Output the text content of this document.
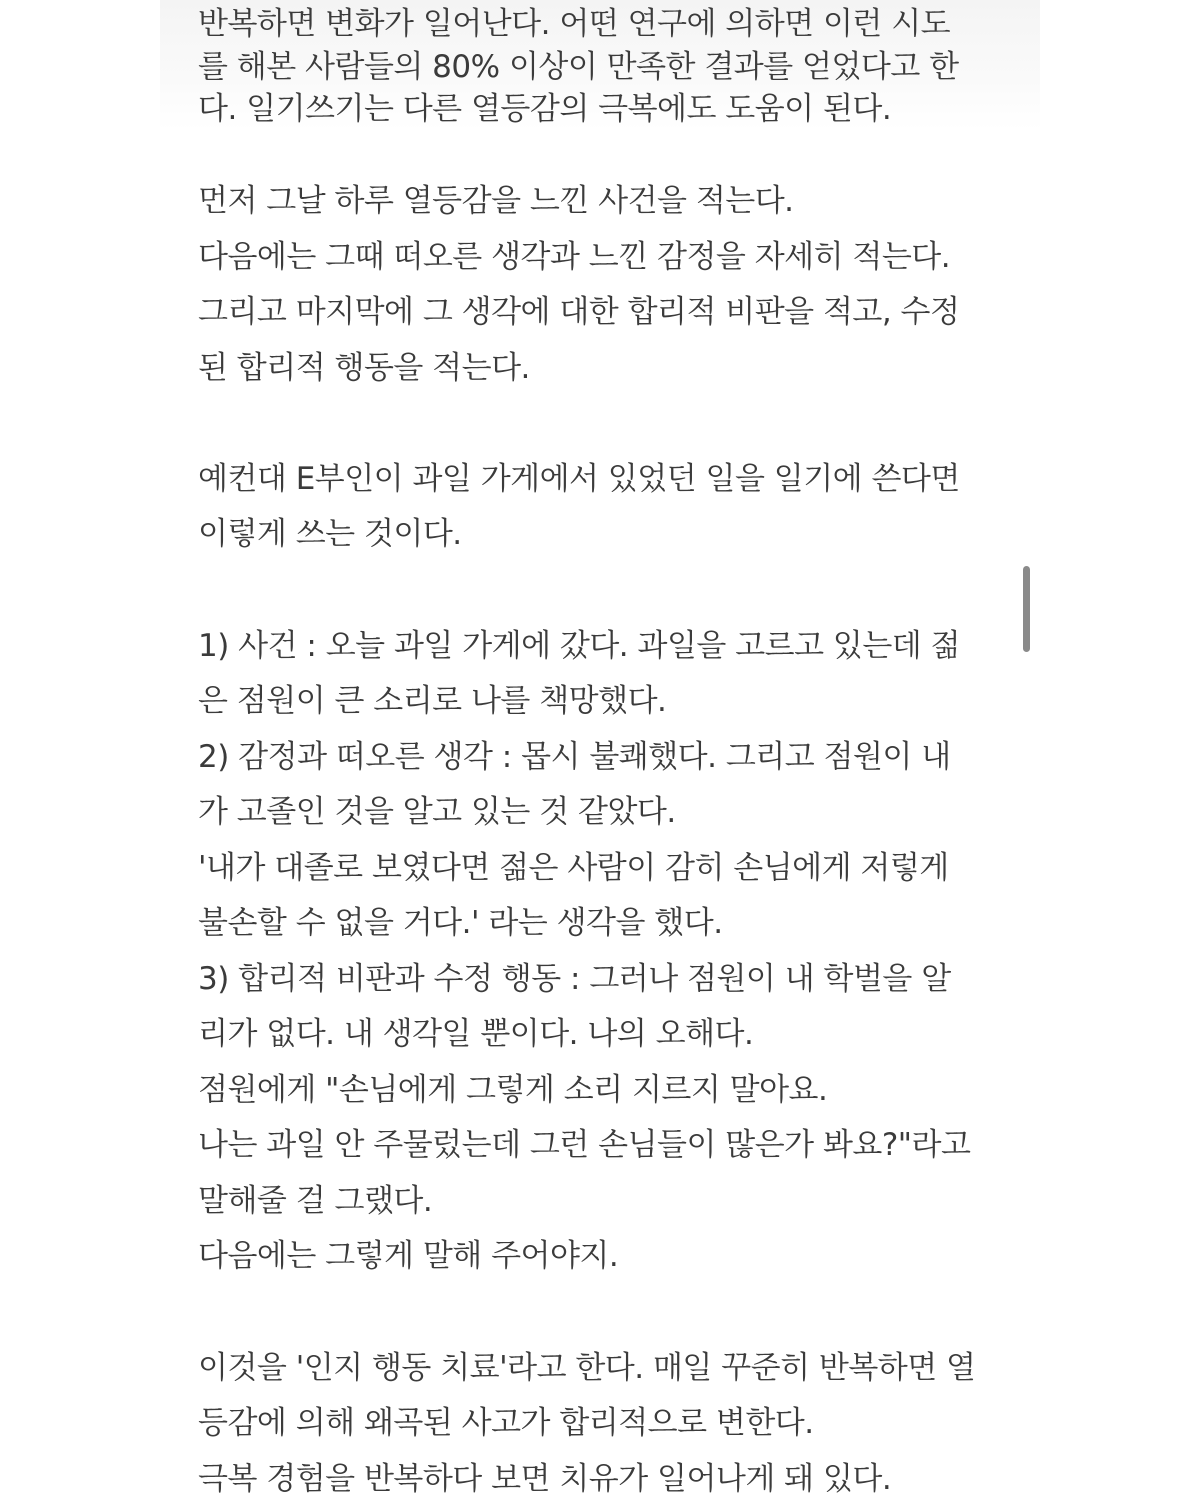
반복하면 변화가 일어난다. 어떤 연구에 의하면 이런 시도
를 해본 사람들의 80% 이상이 만족한 결과를 얻었다고 한
다. 일기쓰기는 다른 열등감의 극복에도 도움이 된다.
먼저 그날 하루 열등감을 느낀 사건을 적는다.
다음에는 그때 떠오른 생각과 느낀 감정을 자세히 적는다.
그리고 마지막에 그 생각에 대한 합리적 비판을 적고, 수정
된 합리적 행동을 적는다.
예컨대 E부인이 과일 가게에서 있었던 일을 일기에 쓴다면
이렇게 쓰는 것이다.
1) 사건 : 오늘 과일 가게에 갔다. 과일을 고르고 있는데 젊
은 점원이 큰 소리로 나를 책망했다.
2) 감정과 떠오른 생각 : 몹시 불쾌했다. 그리고 점원이 내
가 고졸인 것을 알고 있는 것 같았다.
'내가 대졸로 보였다면 젊은 사람이 감히 손님에게 저렇게
불손할 수 없을 거다.' 라는 생각을 했다.
3) 합리적 비판과 수정 행동 : 그러나 점원이 내 학벌을 알
리가 없다. 내 생각일 뿐이다. 나의 오해다.
점원에게 "손님에게 그렇게 소리 지르지 말아요.
나는 과일 안 주물렀는데 그런 손님들이 많은가 봐요?"라고
말해줄 걸 그랬다.
다음에는 그렇게 말해 주어야지.
이것을 '인지 행동 치료'라고 한다. 매일 꾸준히 반복하면 열
등감에 의해 왜곡된 사고가 합리적으로 변한다.
극복 경험을 반복하다 보면 치유가 일어나게 돼 있다.
